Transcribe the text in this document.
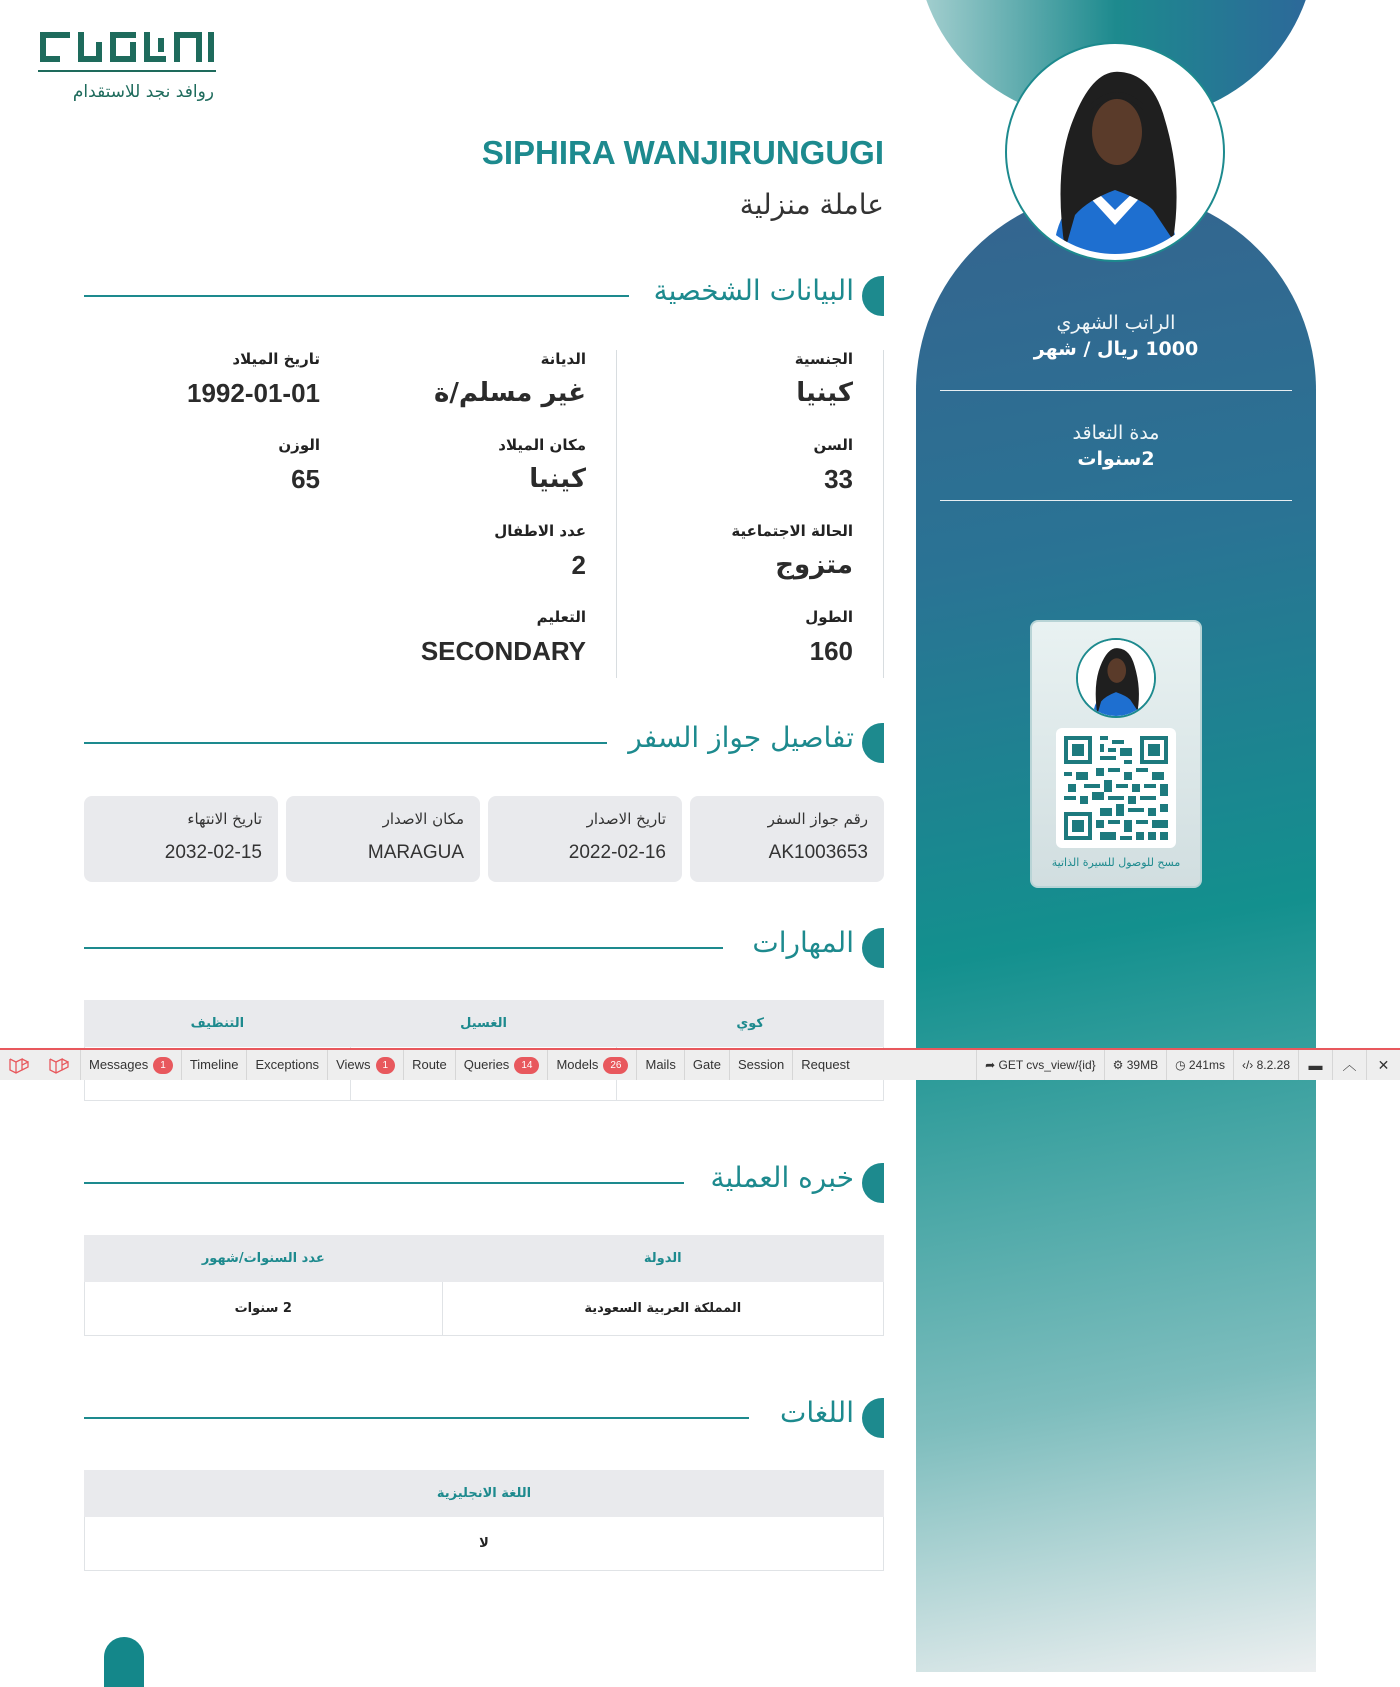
الراتب الشهري
1000 ريال / شهر
مدة التعاقد
2سنوات
مسح للوصول للسيرة الذاتية
روافد نجد للاستقدام
SIPHIRA WANJIRUNGUGI
عاملة منزلية
البيانات الشخصية
الجنسية
كينيا
السن
33
الحالة الاجتماعية
متزوج
الطول
160
الديانة
غير مسلم/ة
مكان الميلاد
كينيا
عدد الاطفال
2
التعليم
SECONDARY
تاريخ الميلاد
1992-01-01
الوزن
65
تفاصيل جواز السفر
رقم جواز السفر
AK1003653
تاريخ الاصدار
2022-02-16
مكان الاصدار
MARAGUA
تاريخ الانتهاء
2032-02-15
المهارات
كوي	الغسيل	التنظيف

Messages 1	Timeline	Exceptions	Views 1	Route	Queries 14	Models 26	Mails	Gate	Session	Request	➦ GET cvs_view/{id}	⚙ 39MB	◷ 241ms	‹/› 8.2.28	▬	︿	✕
خبره العملية
الدولة	عدد السنوات/شهور
المملكة العربية السعودية	2 سنوات
اللغات
اللغة الانجليزية
لا
